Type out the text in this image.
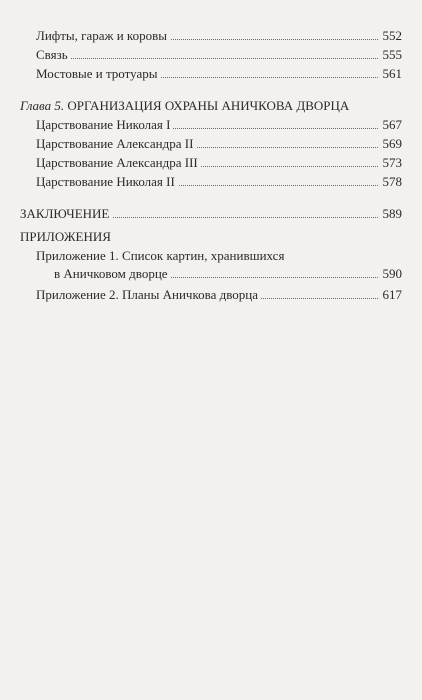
Лифты, гараж и коровы	552
Связь	555
Мостовые и тротуары	561
Глава 5. ОРГАНИЗАЦИЯ ОХРАНЫ АНИЧКОВА ДВОРЦА
Царствование Николая I	567
Царствование Александра II	569
Царствование Александра III	573
Царствование Николая II	578
ЗАКЛЮЧЕНИЕ	589
ПРИЛОЖЕНИЯ
Приложение 1. Список картин, хранившихся
в Аничковом дворце	590
Приложение 2. Планы Аничкова дворца	617
